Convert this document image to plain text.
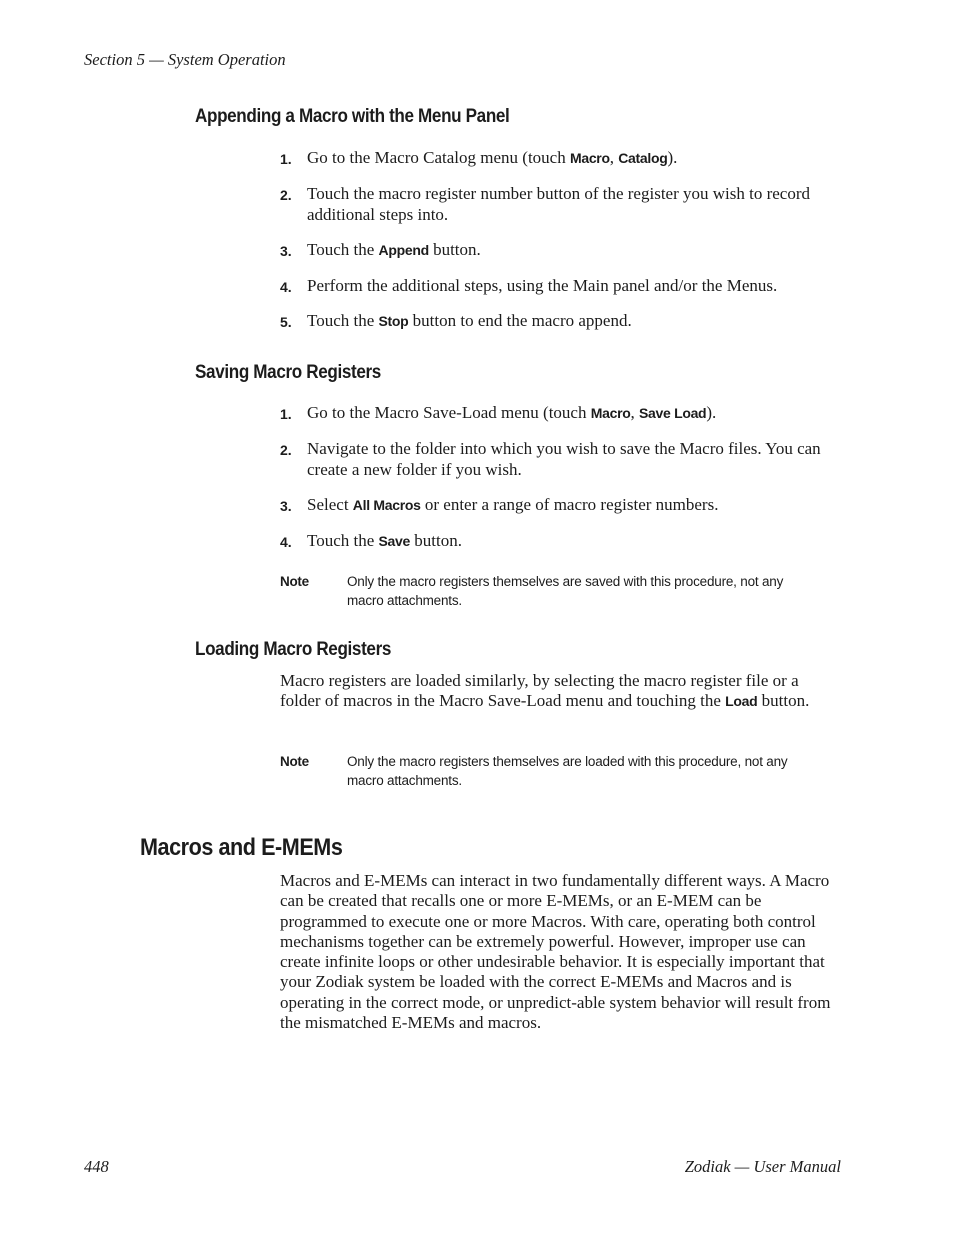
Section 5 — System Operation
Appending a Macro with the Menu Panel
1. Go to the Macro Catalog menu (touch Macro, Catalog).
2. Touch the macro register number button of the register you wish to record additional steps into.
3. Touch the Append button.
4. Perform the additional steps, using the Main panel and/or the Menus.
5. Touch the Stop button to end the macro append.
Saving Macro Registers
1. Go to the Macro Save-Load menu (touch Macro, Save Load).
2. Navigate to the folder into which you wish to save the Macro files. You can create a new folder if you wish.
3. Select All Macros or enter a range of macro register numbers.
4. Touch the Save button.
Note	Only the macro registers themselves are saved with this procedure, not any macro attachments.
Loading Macro Registers
Macro registers are loaded similarly, by selecting the macro register file or a folder of macros in the Macro Save-Load menu and touching the Load button.
Note	Only the macro registers themselves are loaded with this procedure, not any macro attachments.
Macros and E-MEMs
Macros and E-MEMs can interact in two fundamentally different ways. A Macro can be created that recalls one or more E-MEMs, or an E-MEM can be programmed to execute one or more Macros. With care, operating both control mechanisms together can be extremely powerful. However, improper use can create infinite loops or other undesirable behavior. It is especially important that your Zodiak system be loaded with the correct E-MEMs and Macros and is operating in the correct mode, or unpredict-able system behavior will result from the mismatched E-MEMs and macros.
448	Zodiak — User Manual
